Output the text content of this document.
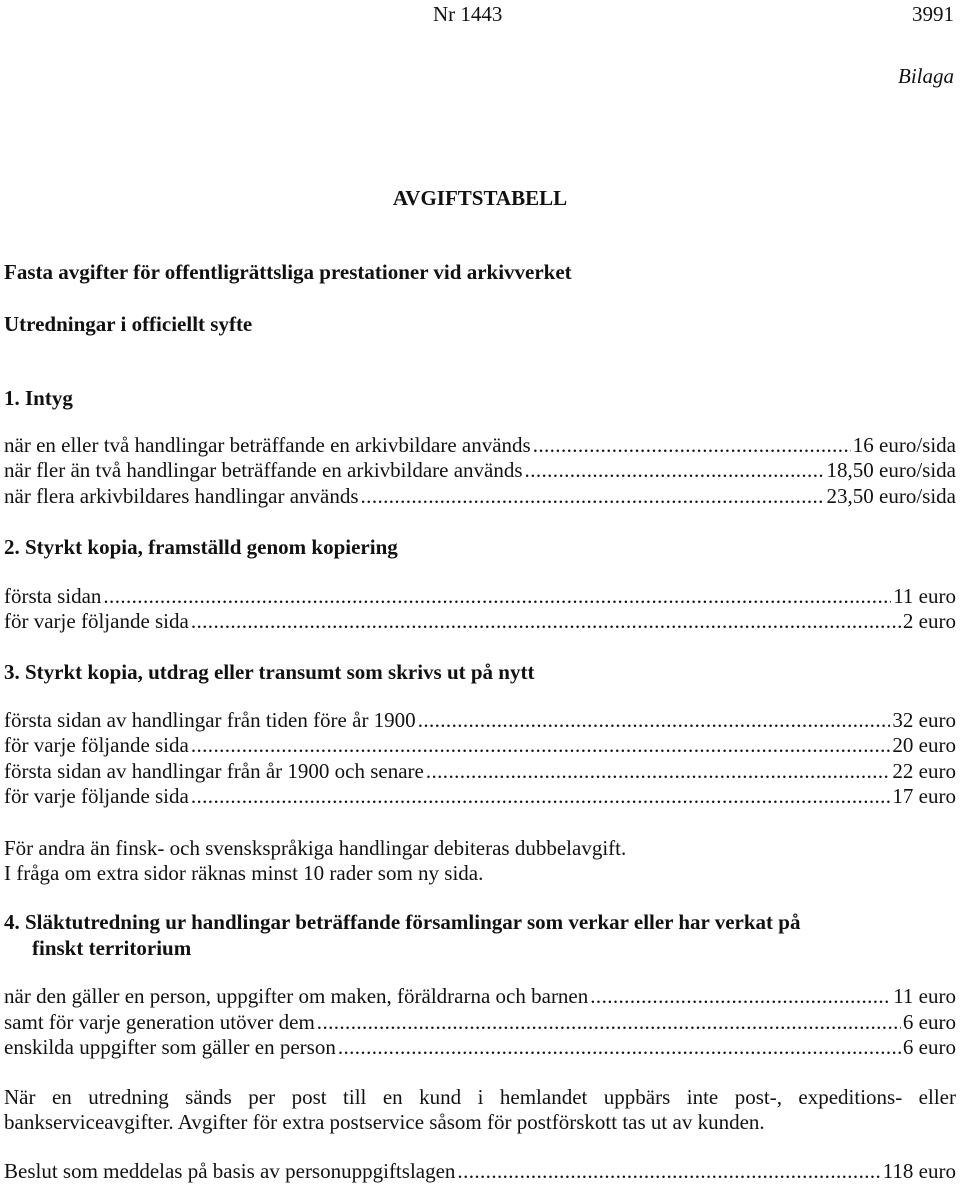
Nr 1443	3991
Bilaga
AVGIFTSTABELL
Fasta avgifter för offentligrättsliga prestationer vid arkivverket
Utredningar i officiellt syfte
1. Intyg
när en eller två handlingar beträffande en arkivbildare används .....	16 euro/sida
när fler än två handlingar beträffande en arkivbildare används .....	18,50 euro/sida
när flera arkivbildares handlingar används .....	23,50 euro/sida
2. Styrkt kopia, framställd genom kopiering
första sidan .....	11 euro
för varje följande sida .....	2 euro
3. Styrkt kopia, utdrag eller transumt som skrivs ut på nytt
första sidan av handlingar från tiden före år 1900 .....	32 euro
för varje följande sida .....	20 euro
första sidan av handlingar från år 1900 och senare .....	22 euro
för varje följande sida .....	17 euro
För andra än finsk- och svenskspråkiga handlingar debiteras dubbelavgift.
I fråga om extra sidor räknas minst 10 rader som ny sida.
4. Släktutredning ur handlingar beträffande församlingar som verkar eller har verkat på
finskt territorium
när den gäller en person, uppgifter om maken, föräldrarna och barnen .....	11 euro
samt för varje generation utöver dem .....	6 euro
enskilda uppgifter som gäller en person .....	6 euro
När en utredning sänds per post till en kund i hemlandet uppbärs inte post-, expeditions- eller bankserviceavgifter. Avgifter för extra postservice såsom för postförskott tas ut av kunden.
Beslut som meddelas på basis av personuppgiftslagen .....	118 euro
